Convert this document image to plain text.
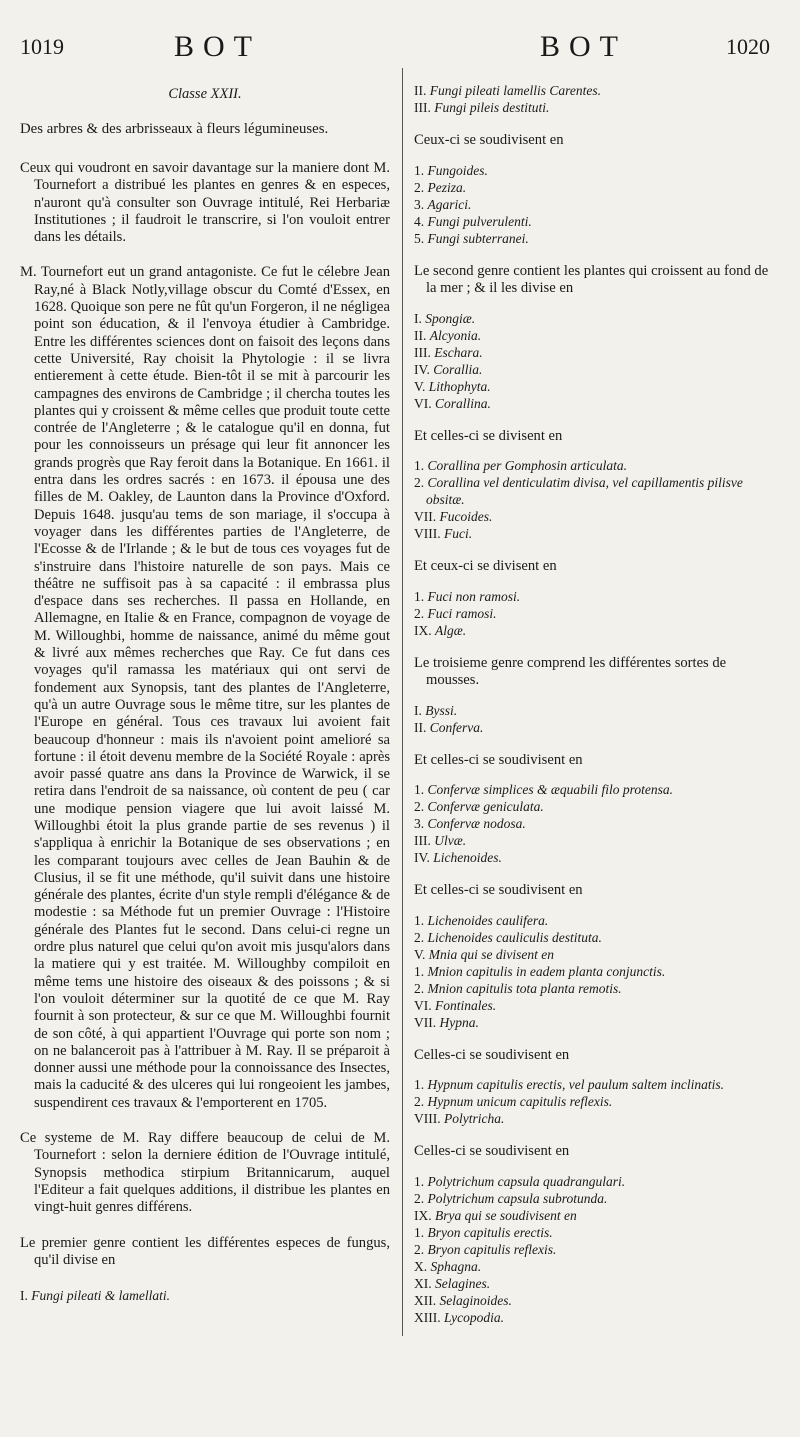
1019	BOT	BOT	1020

Classe XXII.

Des arbres & des arbrisseaux à fleurs légumineuses.

Ceux qui voudront en savoir davantage sur la maniere dont M. Tournefort a distribué les plantes en genres & en especes, n'auront qu'à consulter son Ouvrage intitulé, Rei Herbariæ Institutiones ; il faudroit le transcrire, si l'on vouloit entrer dans les détails.

M. Tournefort eut un grand antagoniste. Ce fut le célebre Jean Ray,né à Black Notly,village obscur du Comté d'Essex, en 1628. Quoique son pere ne fût qu'un Forgeron, il ne négligea point son éducation, & il l'envoya étudier à Cambridge. Entre les différentes sciences dont on faisoit des leçons dans cette Université, Ray choisit la Phytologie : il se livra entierement à cette étude. Bien-tôt il se mit à parcourir les campagnes des environs de Cambridge ; il chercha toutes les plantes qui y croissent & même celles que produit toute cette contrée de l'Angleterre ; & le catalogue qu'il en donna, fut pour les connoisseurs un présage qui leur fit annoncer les grands progrès que Ray feroit dans la Botanique. En 1661. il entra dans les ordres sacrés : en 1673. il épousa une des filles de M. Oakley, de Launton dans la Province d'Oxford. Depuis 1648. jusqu'au tems de son mariage, il s'occupa à voyager dans les différentes parties de l'Angleterre, de l'Ecosse & de l'Irlande ; & le but de tous ces voyages fut de s'instruire dans l'histoire naturelle de son pays. Mais ce théâtre ne suffisoit pas à sa capacité : il embrassa plus d'espace dans ses recherches. Il passa en Hollande, en Allemagne, en Italie & en France, compagnon de voyage de M. Willoughbi, homme de naissance, animé du même gout & livré aux mêmes recherches que Ray. Ce fut dans ces voyages qu'il ramassa les matériaux qui ont servi de fondement aux Synopsis, tant des plantes de l'Angleterre, qu'à un autre Ouvrage sous le même titre, sur les plantes de l'Europe en général. Tous ces travaux lui avoient fait beaucoup d'honneur : mais ils n'avoient point amelioré sa fortune : il étoit devenu membre de la Société Royale : après avoir passé quatre ans dans la Province de Warwick, il se retira dans l'endroit de sa naissance, où content de peu ( car une modique pension viagere que lui avoit laissé M. Willoughbi étoit la plus grande partie de ses revenus ) il s'appliqua à enrichir la Botanique de ses observations ; en les comparant toujours avec celles de Jean Bauhin & de Clusius, il se fit une méthode, qu'il suivit dans une histoire générale des plantes, écrite d'un style rempli d'élégance & de modestie : sa Méthode fut un premier Ouvrage : l'Histoire générale des Plantes fut le second. Dans celui-ci regne un ordre plus naturel que celui qu'on avoit mis jusqu'alors dans la matiere qui y est traitée. M. Willoughby compiloit en même tems une histoire des oiseaux & des poissons ; & si l'on vouloit déterminer sur la quotité de ce que M. Ray fournit à son protecteur, & sur ce que M. Willoughbi fournit de son côté, à qui appartient l'Ouvrage qui porte son nom ; on ne balanceroit pas à l'attribuer à M. Ray. Il se préparoit à donner aussi une méthode pour la connoissance des Insectes, mais la caducité & des ulceres qui lui rongeoient les jambes, suspendirent ces travaux & l'emporterent en 1705.

Ce systeme de M. Ray differe beaucoup de celui de M. Tournefort : selon la derniere édition de l'Ouvrage intitulé, Synopsis methodica stirpium Britannicarum, auquel l'Editeur a fait quelques additions, il distribue les plantes en vingt-huit genres différens.

Le premier genre contient les différentes especes de fungus, qu'il divise en

I. Fungi pileati & lamellati.
II. Fungi pileati lamellis Carentes.
III. Fungi pileis destituti.

Ceux-ci se soudivisent en

1. Fungoides.
2. Peziza.
3. Agarici.
4. Fungi pulverulenti.
5. Fungi subterranei.

Le second genre contient les plantes qui croissent au fond de la mer ; & il les divise en

I. Spongiæ.
II. Alcyonia.
III. Eschara.
IV. Corallia.
V. Lithophyta.
VI. Corallina.

Et celles-ci se divisent en

1. Corallina per Gomphosin articulata.
2. Corallina vel denticulatim divisa, vel capillamentis pilisve obsitæ.
VII. Fucoides.
VIII. Fuci.

Et ceux-ci se divisent en

1. Fuci non ramosi.
2. Fuci ramosi.
IX. Algæ.

Le troisieme genre comprend les différentes sortes de mousses.

I. Byssi.
II. Conferva.

Et celles-ci se soudivisent en

1. Confervæ simplices & æquabili filo protensa.
2. Confervæ geniculata.
3. Confervæ nodosa.
III. Ulvæ.
IV. Lichenoides.

Et celles-ci se soudivisent en

1. Lichenoides caulifera.
2. Lichenoides cauliculis destituta.
V. Mnia qui se divisent en
1. Mnion capitulis in eadem planta conjunctis.
2. Mnion capitulis tota planta remotis.
VI. Fontinales.
VII. Hypna.

Celles-ci se soudivisent en

1. Hypnum capitulis erectis, vel paulum saltem inclinatis.
2. Hypnum unicum capitulis reflexis.
VIII. Polytricha.

Celles-ci se soudivisent en

1. Polytrichum capsula quadrangulari.
2. Polytrichum capsula subrotunda.
IX. Brya qui se soudivisent en
1. Bryon capitulis erectis.
2. Bryon capitulis reflexis.
X. Sphagna.
XI. Selagines.
XII. Selaginoides.
XIII. Lycopodia.
